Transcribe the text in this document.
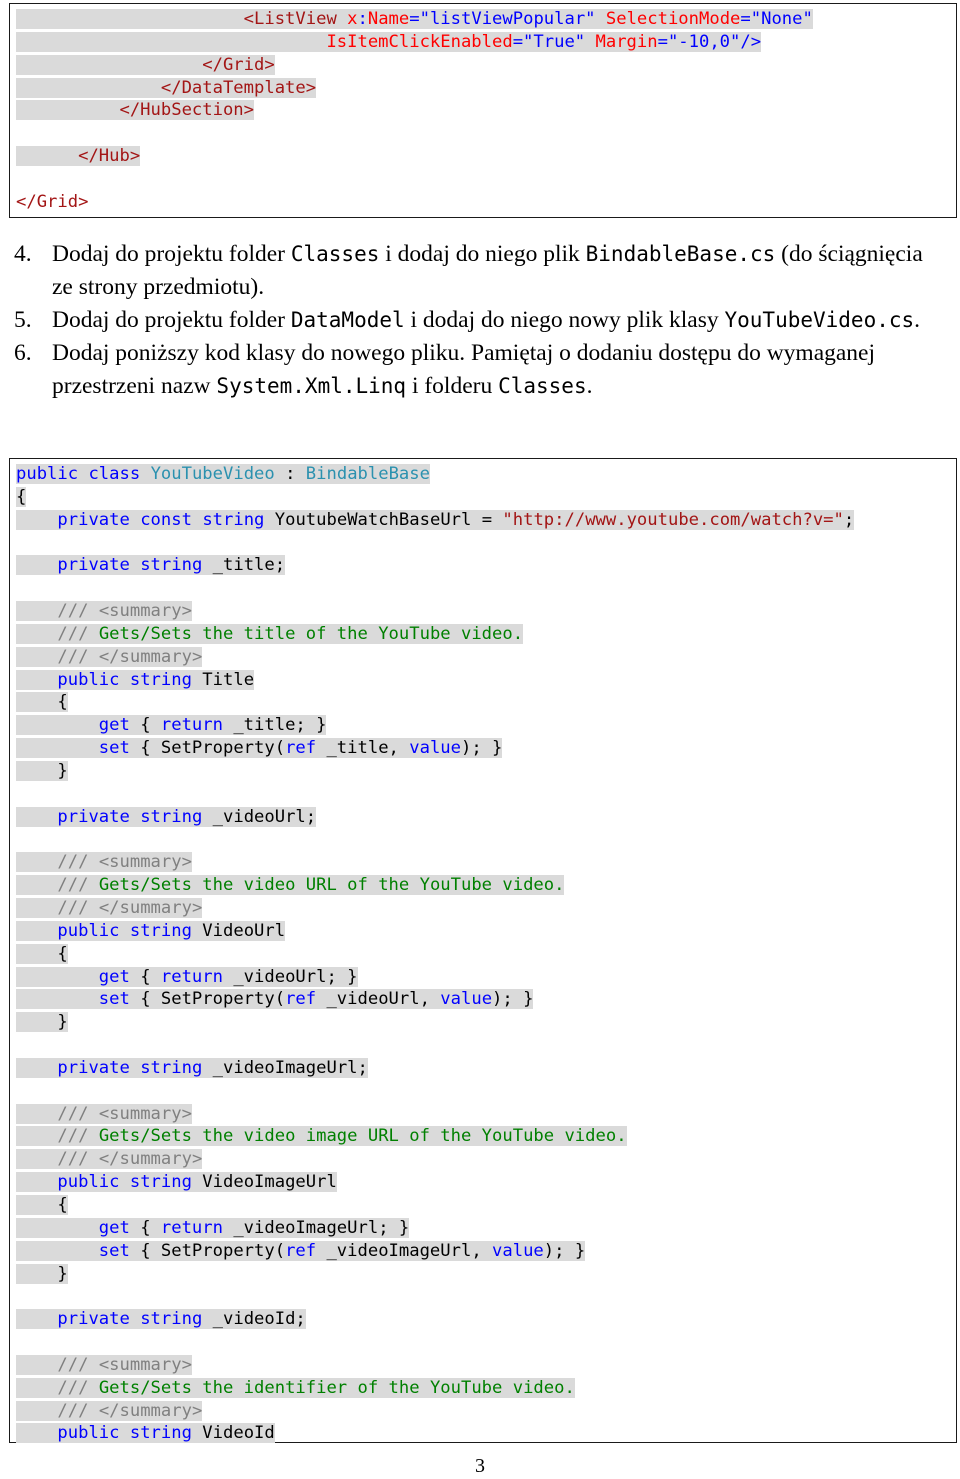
<ListView x:Name="listViewPopular" SelectionMode="None"
IsItemClickEnabled="True" Margin="-10,0"/>
</Grid>
</DataTemplate>
</HubSection>

</Hub>

</Grid>
4. Dodaj do projektu folder Classes i dodaj do niego plik BindableBase.cs (do ściągnięcia ze strony przedmiotu).
5. Dodaj do projektu folder DataModel i dodaj do niego nowy plik klasy YouTubeVideo.cs.
6. Dodaj poniższy kod klasy do nowego pliku. Pamiętaj o dodaniu dostępu do wymaganej przestrzeni nazw System.Xml.Linq i folderu Classes.
public class YouTubeVideo : BindableBase
{
private const string YoutubeWatchBaseUrl = "http://www.youtube.com/watch?v=";

private string _title;

/// <summary>
/// Gets/Sets the title of the YouTube video.
/// </summary>
public string Title
{
get { return _title; }
set { SetProperty(ref _title, value); }
}

private string _videoUrl;

/// <summary>
/// Gets/Sets the video URL of the YouTube video.
/// </summary>
public string VideoUrl
{
get { return _videoUrl; }
set { SetProperty(ref _videoUrl, value); }
}

private string _videoImageUrl;

/// <summary>
/// Gets/Sets the video image URL of the YouTube video.
/// </summary>
public string VideoImageUrl
{
get { return _videoImageUrl; }
set { SetProperty(ref _videoImageUrl, value); }
}

private string _videoId;

/// <summary>
/// Gets/Sets the identifier of the YouTube video.
/// </summary>
public string VideoId
3
